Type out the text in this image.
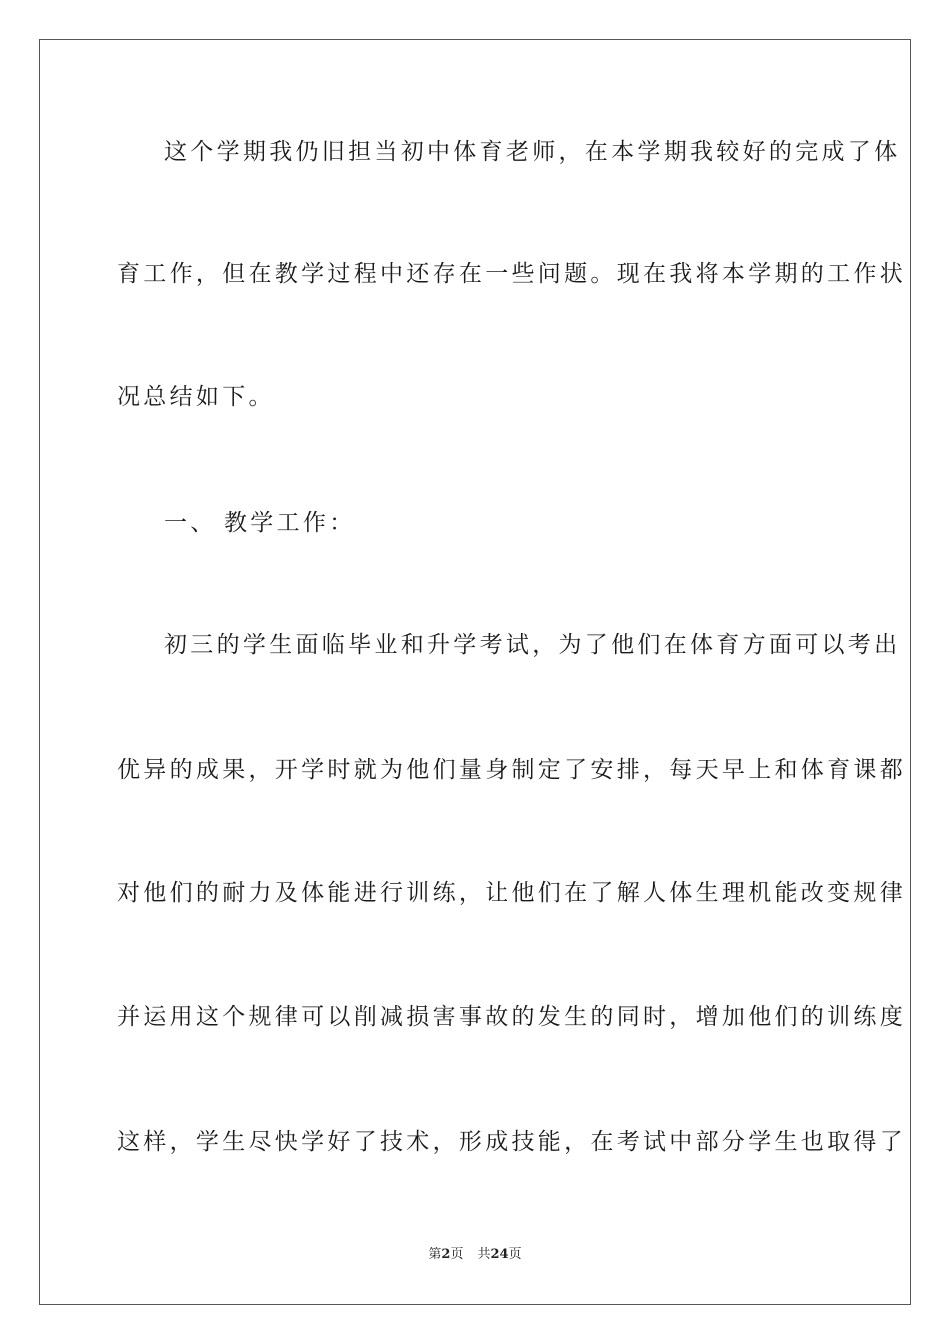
这个学期我仍旧担当初中体育老师，在本学期我较好的完成了体
育工作，但在教学过程中还存在一些问题。现在我将本学期的工作状
况总结如下。
一、 教学工作：
初三的学生面临毕业和升学考试，为了他们在体育方面可以考出
优异的成果，开学时就为他们量身制定了安排，每天早上和体育课都
对他们的耐力及体能进行训练，让他们在了解人体生理机能改变规律
并运用这个规律可以削减损害事故的发生的同时，增加他们的训练度
这样，学生尽快学好了技术，形成技能，在考试中部分学生也取得了
第2页 共24页
